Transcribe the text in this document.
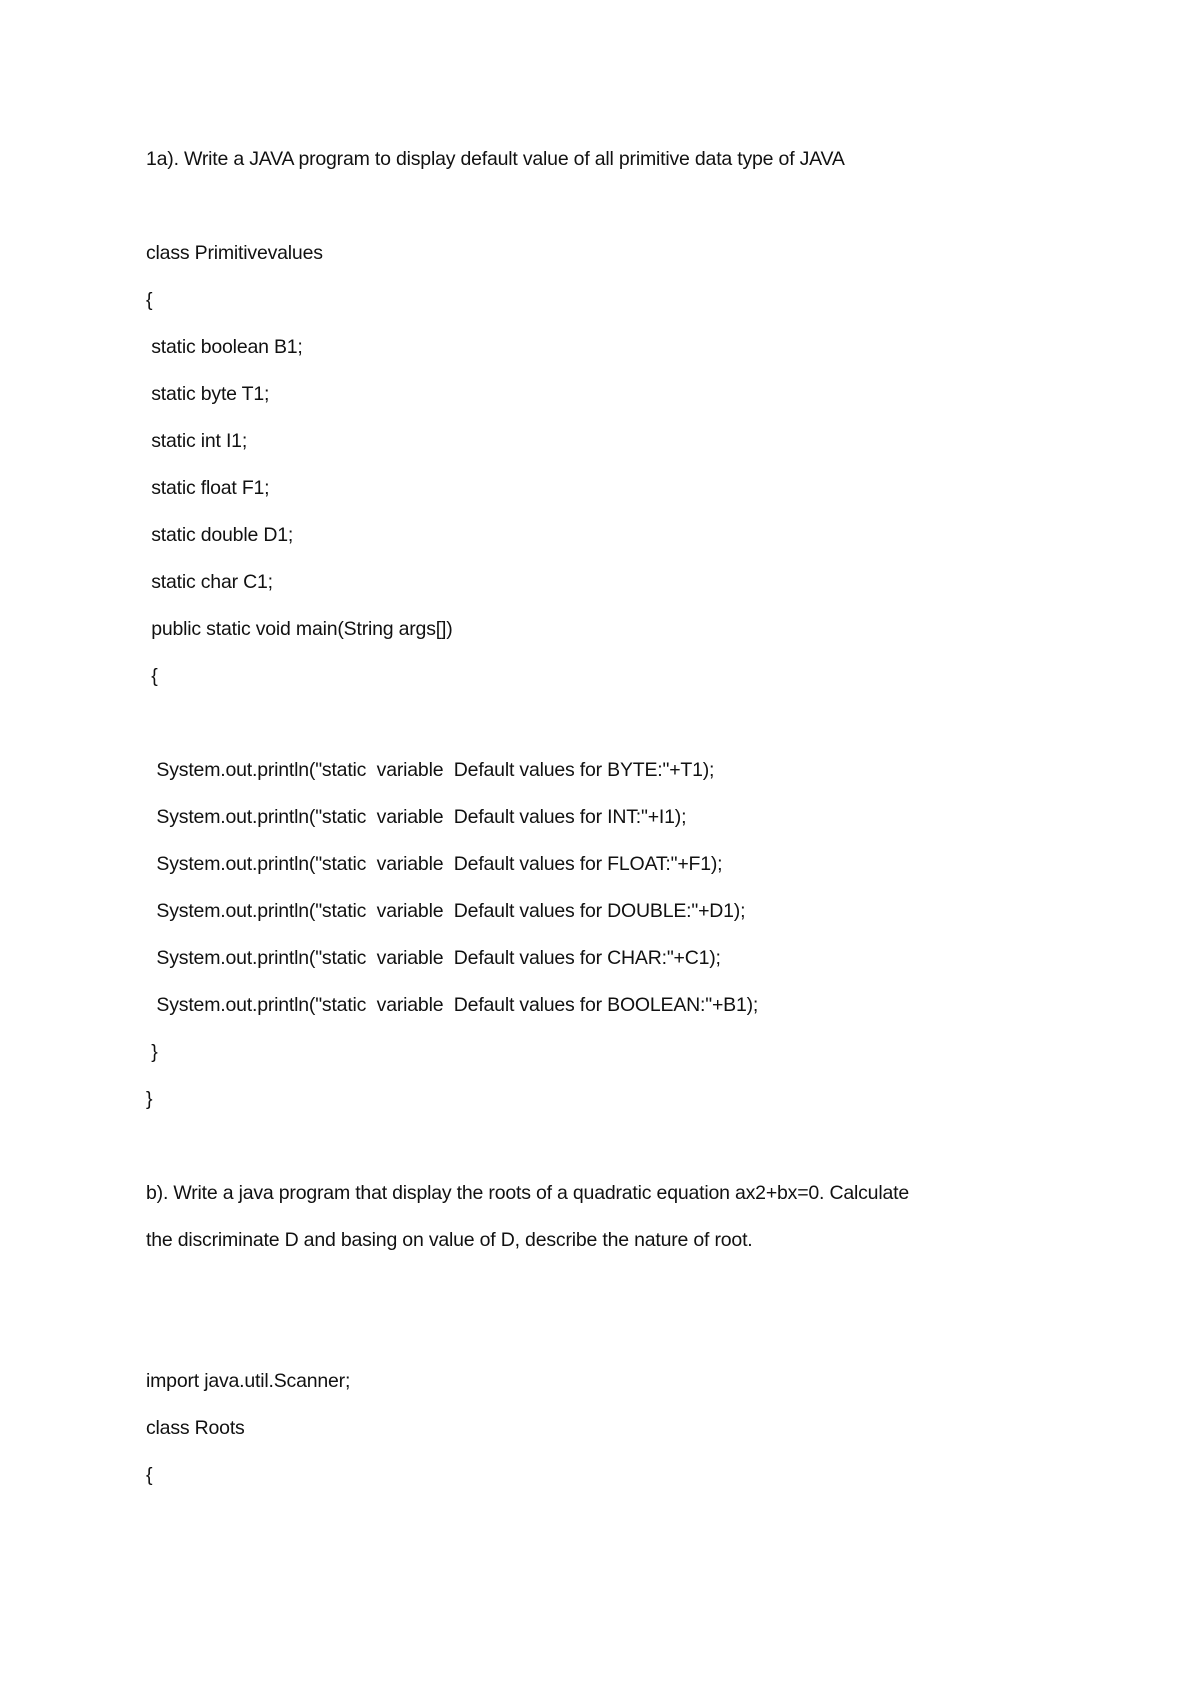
1a). Write a JAVA program to display default value of all primitive data type of JAVA
class Primitivevalues
{
static boolean B1;
static byte T1;
static int I1;
static float F1;
static double D1;
static char C1;
public static void main(String args[])
{
System.out.println("static  variable  Default values for BYTE:"+T1);
System.out.println("static  variable  Default values for INT:"+I1);
System.out.println("static  variable  Default values for FLOAT:"+F1);
System.out.println("static  variable  Default values for DOUBLE:"+D1);
System.out.println("static  variable  Default values for CHAR:"+C1);
System.out.println("static  variable  Default values for BOOLEAN:"+B1);
}
}
b). Write a java program that display the roots of a quadratic equation ax2+bx=0. Calculate
the discriminate D and basing on value of D, describe the nature of root.
import java.util.Scanner;
class Roots
{
